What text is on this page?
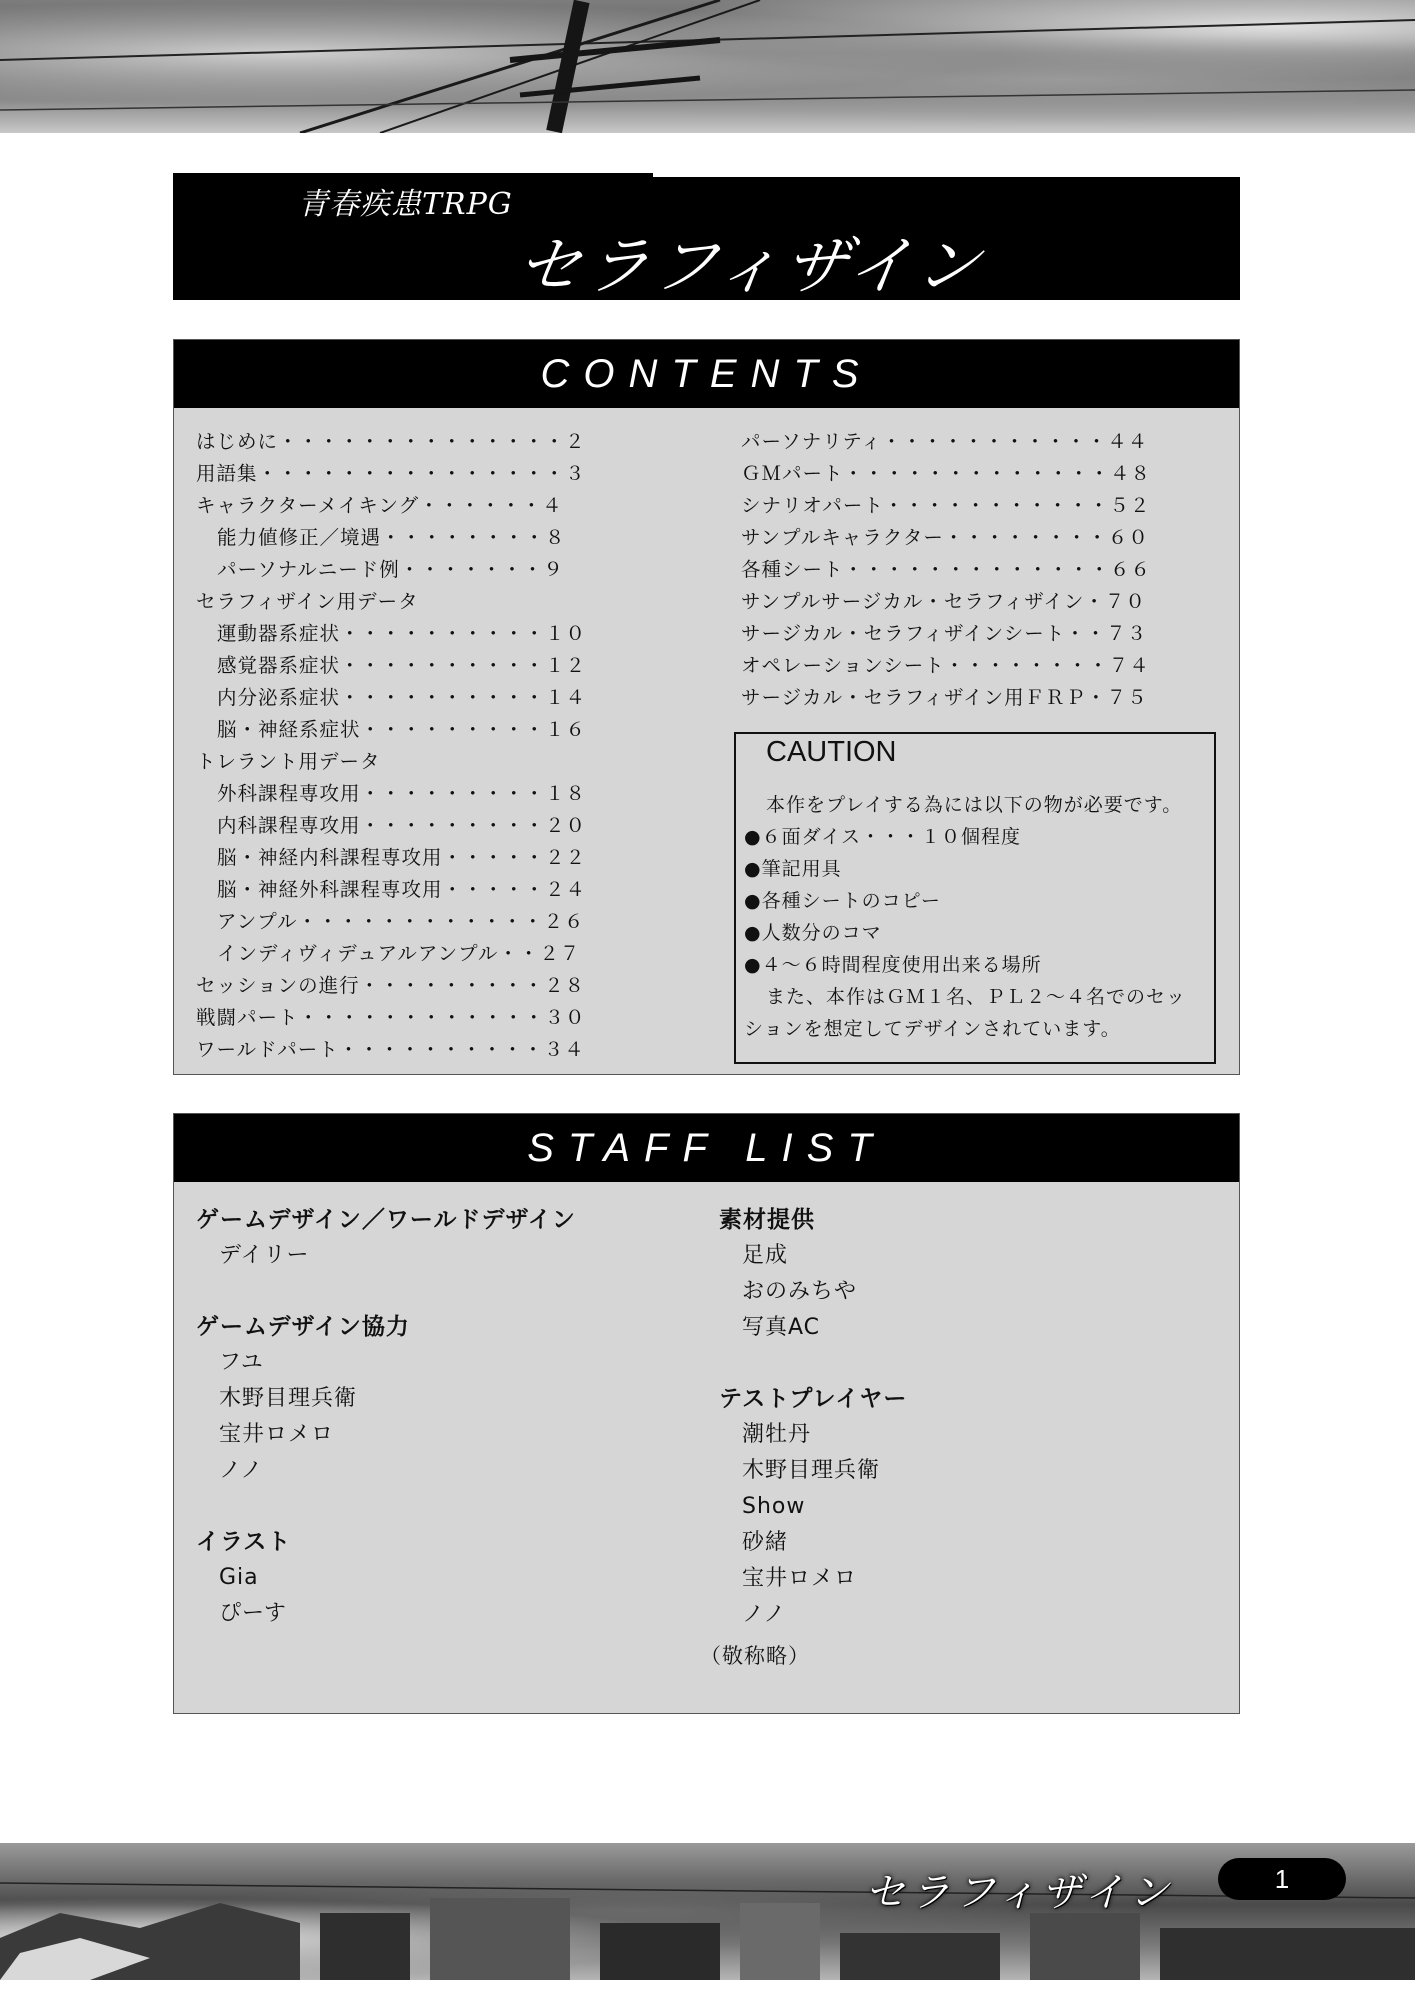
青春疾患TRPG
セラフィザイン
CONTENTS
はじめに・・・・・・・・・・・・・・２
用語集・・・・・・・・・・・・・・・３
キャラクターメイキング・・・・・・４
能力値修正／境遇・・・・・・・・８
パーソナルニード例・・・・・・・９
セラフィザイン用データ
運動器系症状・・・・・・・・・・１０
感覚器系症状・・・・・・・・・・１２
内分泌系症状・・・・・・・・・・１４
脳・神経系症状・・・・・・・・・１６
トレラント用データ
外科課程専攻用・・・・・・・・・１８
内科課程専攻用・・・・・・・・・２０
脳・神経内科課程専攻用・・・・・２２
脳・神経外科課程専攻用・・・・・２４
アンプル・・・・・・・・・・・・２６
インディヴィデュアルアンプル・・２７
セッションの進行・・・・・・・・・２８
戦闘パート・・・・・・・・・・・・３０
ワールドパート・・・・・・・・・・３４
パーソナリティ・・・・・・・・・・・４４
ＧＭパート・・・・・・・・・・・・・４８
シナリオパート・・・・・・・・・・・５２
サンプルキャラクター・・・・・・・・６０
各種シート・・・・・・・・・・・・・６６
サンプルサージカル・セラフィザイン・７０
サージカル・セラフィザインシート・・７３
オペレーションシート・・・・・・・・７４
サージカル・セラフィザイン用ＦＲＰ・７５
CAUTION
本作をプレイする為には以下の物が必要です。
●６面ダイス・・・１０個程度
●筆記用具
●各種シートのコピー
●人数分のコマ
●４～６時間程度使用出来る場所
また、本作はＧＭ１名、ＰＬ２～４名でのセッ
ションを想定してデザインされています。
STAFF LIST
ゲームデザイン／ワールドデザイン
デイリー
ゲームデザイン協力
フユ
木野目理兵衛
宝井ロメロ
ノノ
イラスト
Gia
ぴーす
素材提供
足成
おのみちや
写真AC
テストプレイヤー
潮牡丹
木野目理兵衛
Show
砂緒
宝井ロメロ
ノノ
（敬称略）
セラフィザイン	1
